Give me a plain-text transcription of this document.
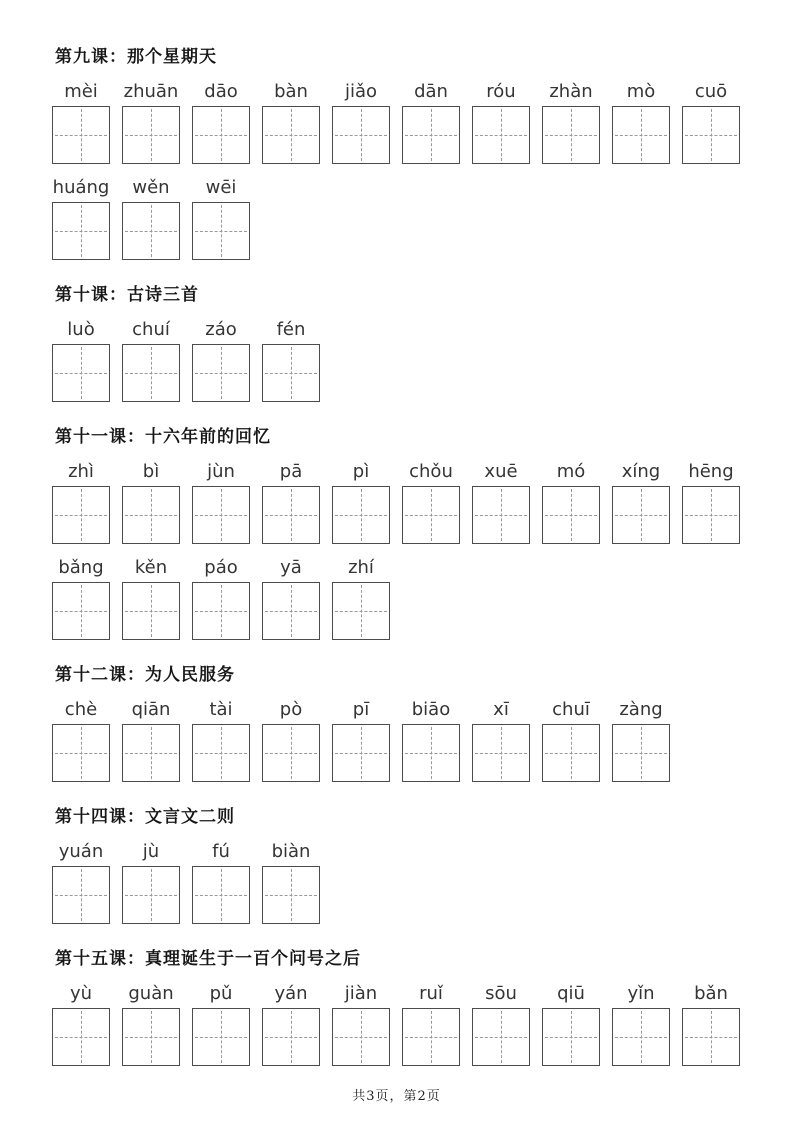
第九课：那个星期天
mèi	zhuān	dāo	bàn	jiǎo	dān	róu	zhàn	mò	cuō
huáng	wěn	wēi
第十课：古诗三首
luò	chuí	záo	fén
第十一课：十六年前的回忆
zhì	bì	jùn	pā	pì	chǒu	xuē	mó	xíng	hēng
bǎng	kěn	páo	yā	zhí
第十二课：为人民服务
chè	qiān	tài	pò	pī	biāo	xī	chuī	zàng
第十四课：文言文二则
yuán	jù	fú	biàn
第十五课：真理诞生于一百个问号之后
yù	guàn	pǔ	yán	jiàn	ruǐ	sōu	qiū	yǐn	bǎn
共3页，第2页
